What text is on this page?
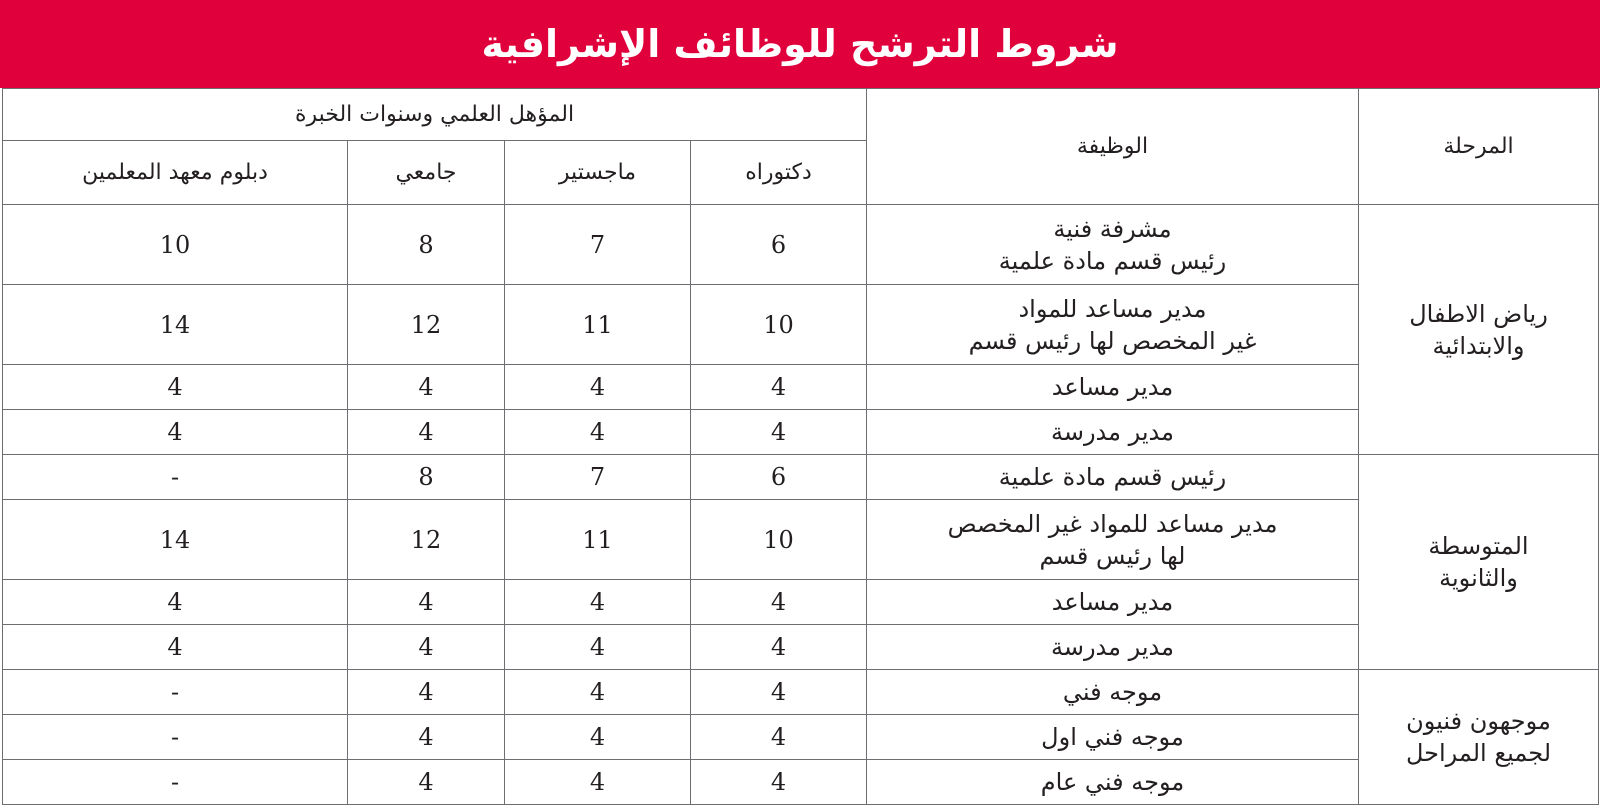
شروط الترشح للوظائف الإشرافية
المرحلة	الوظيفة	المؤهل العلمي وسنوات الخبرة			
		دكتوراه	ماجستير	جامعي	دبلوم معهد المعلمين

رياض الاطفال
والابتدائية	مشرفة فنية
رئيس قسم مادة علمية	6	7	8	10

	مدير مساعد للمواد
غير المخصص لها رئيس قسم	10	11	12	14
	مدير مساعد	4	4	4	4
	مدير مدرسة	4	4	4	4

المتوسطة
والثانوية	رئيس قسم مادة علمية	6	7	8	-

	مدير مساعد للمواد غير المخصص
لها رئيس قسم	10	11	12	14
	مدير مساعد	4	4	4	4
	مدير مدرسة	4	4	4	4

موجهون فنيون
لجميع المراحل	موجه فني	4	4	4	-
	موجه فني اول	4	4	4	-
	موجه فني عام	4	4	4	-
